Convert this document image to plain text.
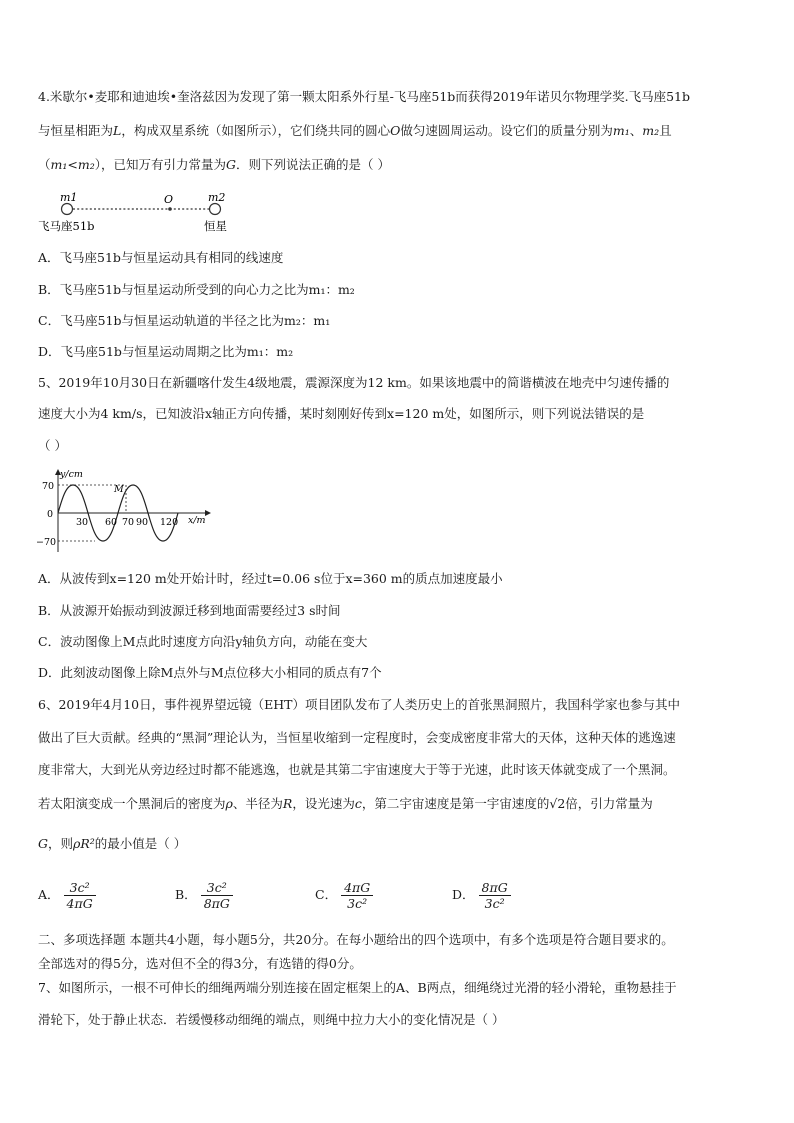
4.米歇尔•麦耶和迪迪埃•奎洛兹因为发现了第一颗太阳系外行星-飞马座51b而获得2019年诺贝尔物理学奖.飞马座51b
与恒星相距为L，构成双星系统（如图所示），它们绕共同的圆心O做匀速圆周运动。设它们的质量分别为m₁、m₂且
（m₁<m₂），已知万有引力常量为G．则下列说法正确的是（ ）
m1	O	m2
飞马座51b	恒星
A．飞马座51b与恒星运动具有相同的线速度
B．飞马座51b与恒星运动所受到的向心力之比为m₁：m₂
C．飞马座51b与恒星运动轨道的半径之比为m₂：m₁
D．飞马座51b与恒星运动周期之比为m₁：m₂
5、2019年10月30日在新疆喀什发生4级地震，震源深度为12 km。如果该地震中的简谐横波在地壳中匀速传播的
速度大小为4 km/s，已知波沿x轴正方向传播，某时刻刚好传到x=120 m处，如图所示，则下列说法错误的是
（ ）
y/cm
x/m
70
0
−70
M
30 60 70 90 120
A．从波传到x=120 m处开始计时，经过t=0.06 s位于x=360 m的质点加速度最小
B．从波源开始振动到波源迁移到地面需要经过3 s时间
C．波动图像上M点此时速度方向沿y轴负方向，动能在变大
D．此刻波动图像上除M点外与M点位移大小相同的质点有7个
6、2019年4月10日，事件视界望远镜（EHT）项目团队发布了人类历史上的首张黑洞照片，我国科学家也参与其中
做出了巨大贡献。经典的“黑洞”理论认为，当恒星收缩到一定程度时，会变成密度非常大的天体，这种天体的逃逸速
度非常大，大到光从旁边经过时都不能逃逸，也就是其第二宇宙速度大于等于光速，此时该天体就变成了一个黑洞。
若太阳演变成一个黑洞后的密度为ρ、半径为R，设光速为c，第二宇宙速度是第一宇宙速度的√2倍，引力常量为
G，则ρR²的最小值是（ ）
A． $\frac{\text{3c²}}{4\pi G}$	B． $\frac{\text{3c²}}{8\pi G}$	C． $\frac{4\pi G}{\text{3c²}}$	D． $\frac{8\pi G}{\text{3c²}}$
二、多项选择题 本题共4小题，每小题5分，共20分。在每小题给出的四个选项中，有多个选项是符合题目要求的。
全部选对的得5分，选对但不全的得3分，有选错的得0分。
7、如图所示，一根不可伸长的细绳两端分别连接在固定框架上的A、B两点，细绳绕过光滑的轻小滑轮，重物悬挂于
滑轮下，处于静止状态．若缓慢移动细绳的端点，则绳中拉力大小的变化情况是（ ）
